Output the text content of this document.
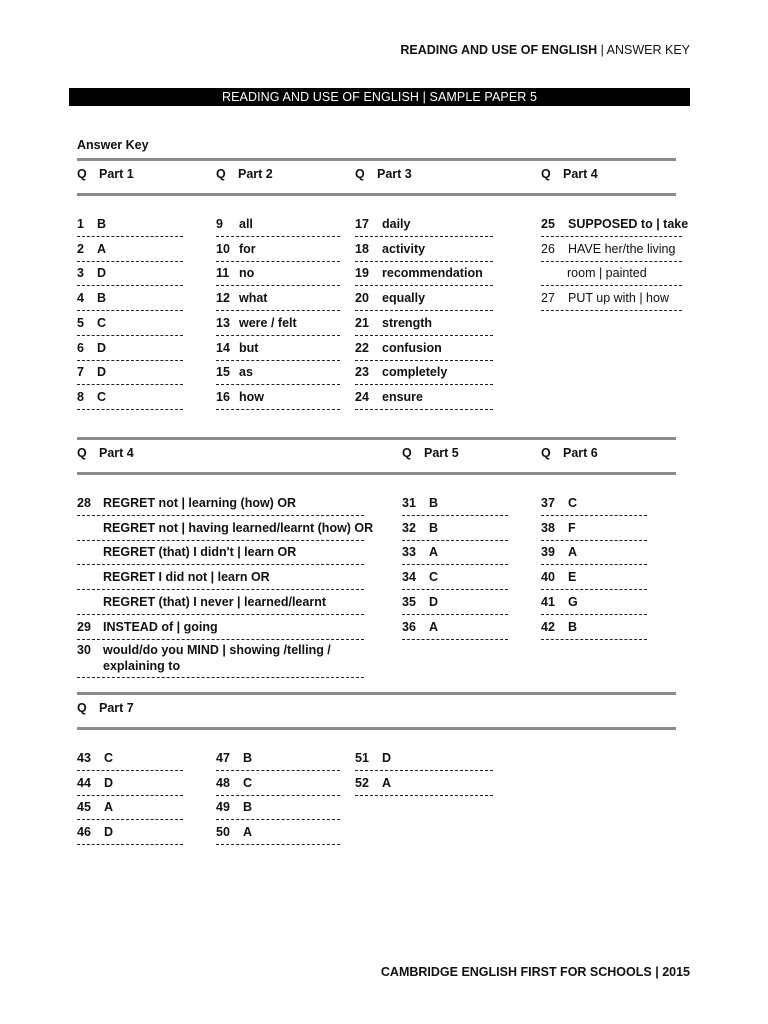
READING AND USE OF ENGLISH | ANSWER KEY
READING AND USE OF ENGLISH | SAMPLE PAPER 5
Answer Key
Q Part 1	Q Part 2	Q Part 3	Q Part 4
1 B
2 A
3 D
4 B
5 C
6 D
7 D
8 C
9 all
10 for
11 no
12 what
13 were / felt
14 but
15 as
16 how
17 daily
18 activity
19 recommendation
20 equally
21 strength
22 confusion
23 completely
24 ensure
25 SUPPOSED to | take
26 HAVE her/the living
room | painted
27 PUT up with | how
Q Part 4	Q Part 5	Q Part 6
28 REGRET not | learning (how) OR
REGRET not | having learned/learnt (how) OR
REGRET (that) I didn't | learn OR
REGRET I did not | learn OR
REGRET (that) I never | learned/learnt
29 INSTEAD of | going
30 would/do you MIND | showing /telling / explaining to
31 B
32 B
33 A
34 C
35 D
36 A
37 C
38 F
39 A
40 E
41 G
42 B
Q Part 7
43 C
44 D
45 A
46 D
47 B
48 C
49 B
50 A
51 D
52 A
CAMBRIDGE ENGLISH FIRST FOR SCHOOLS | 2015
